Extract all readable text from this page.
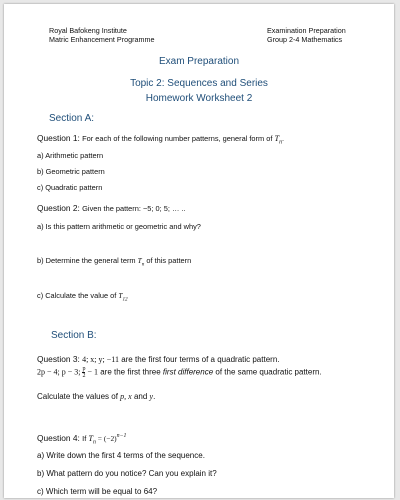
Royal Bafokeng Institute
Matric Enhancement Programme
Examination Preparation
Group 2-4 Mathematics
Exam Preparation
Topic 2: Sequences and Series
Homework Worksheet 2
Section A:
Question 1: For each of the following number patterns, general form of $T_n$.
a) Arithmetic pattern
b) Geometric pattern
c) Quadratic pattern
Question 2: Given the pattern: −5; 0; 5; … ..
a) Is this pattern arithmetic or geometric and why?
b) Determine the general term $T_n$ of this pattern
c) Calculate the value of $T_{12}$
Section B:
Question 3: 4; x; y; −11 are the first four terms of a quadratic pattern.
2p − 4; p − 3; $\frac{p}{2} - 1$ are the first three first difference of the same quadratic pattern.
Calculate the values of p, x and y.
Question 4: If $T_n = (-2)^{n-1}$
a) Write down the first 4 terms of the sequence.
b) What pattern do you notice? Can you explain it?
c) Which term will be equal to 64?
